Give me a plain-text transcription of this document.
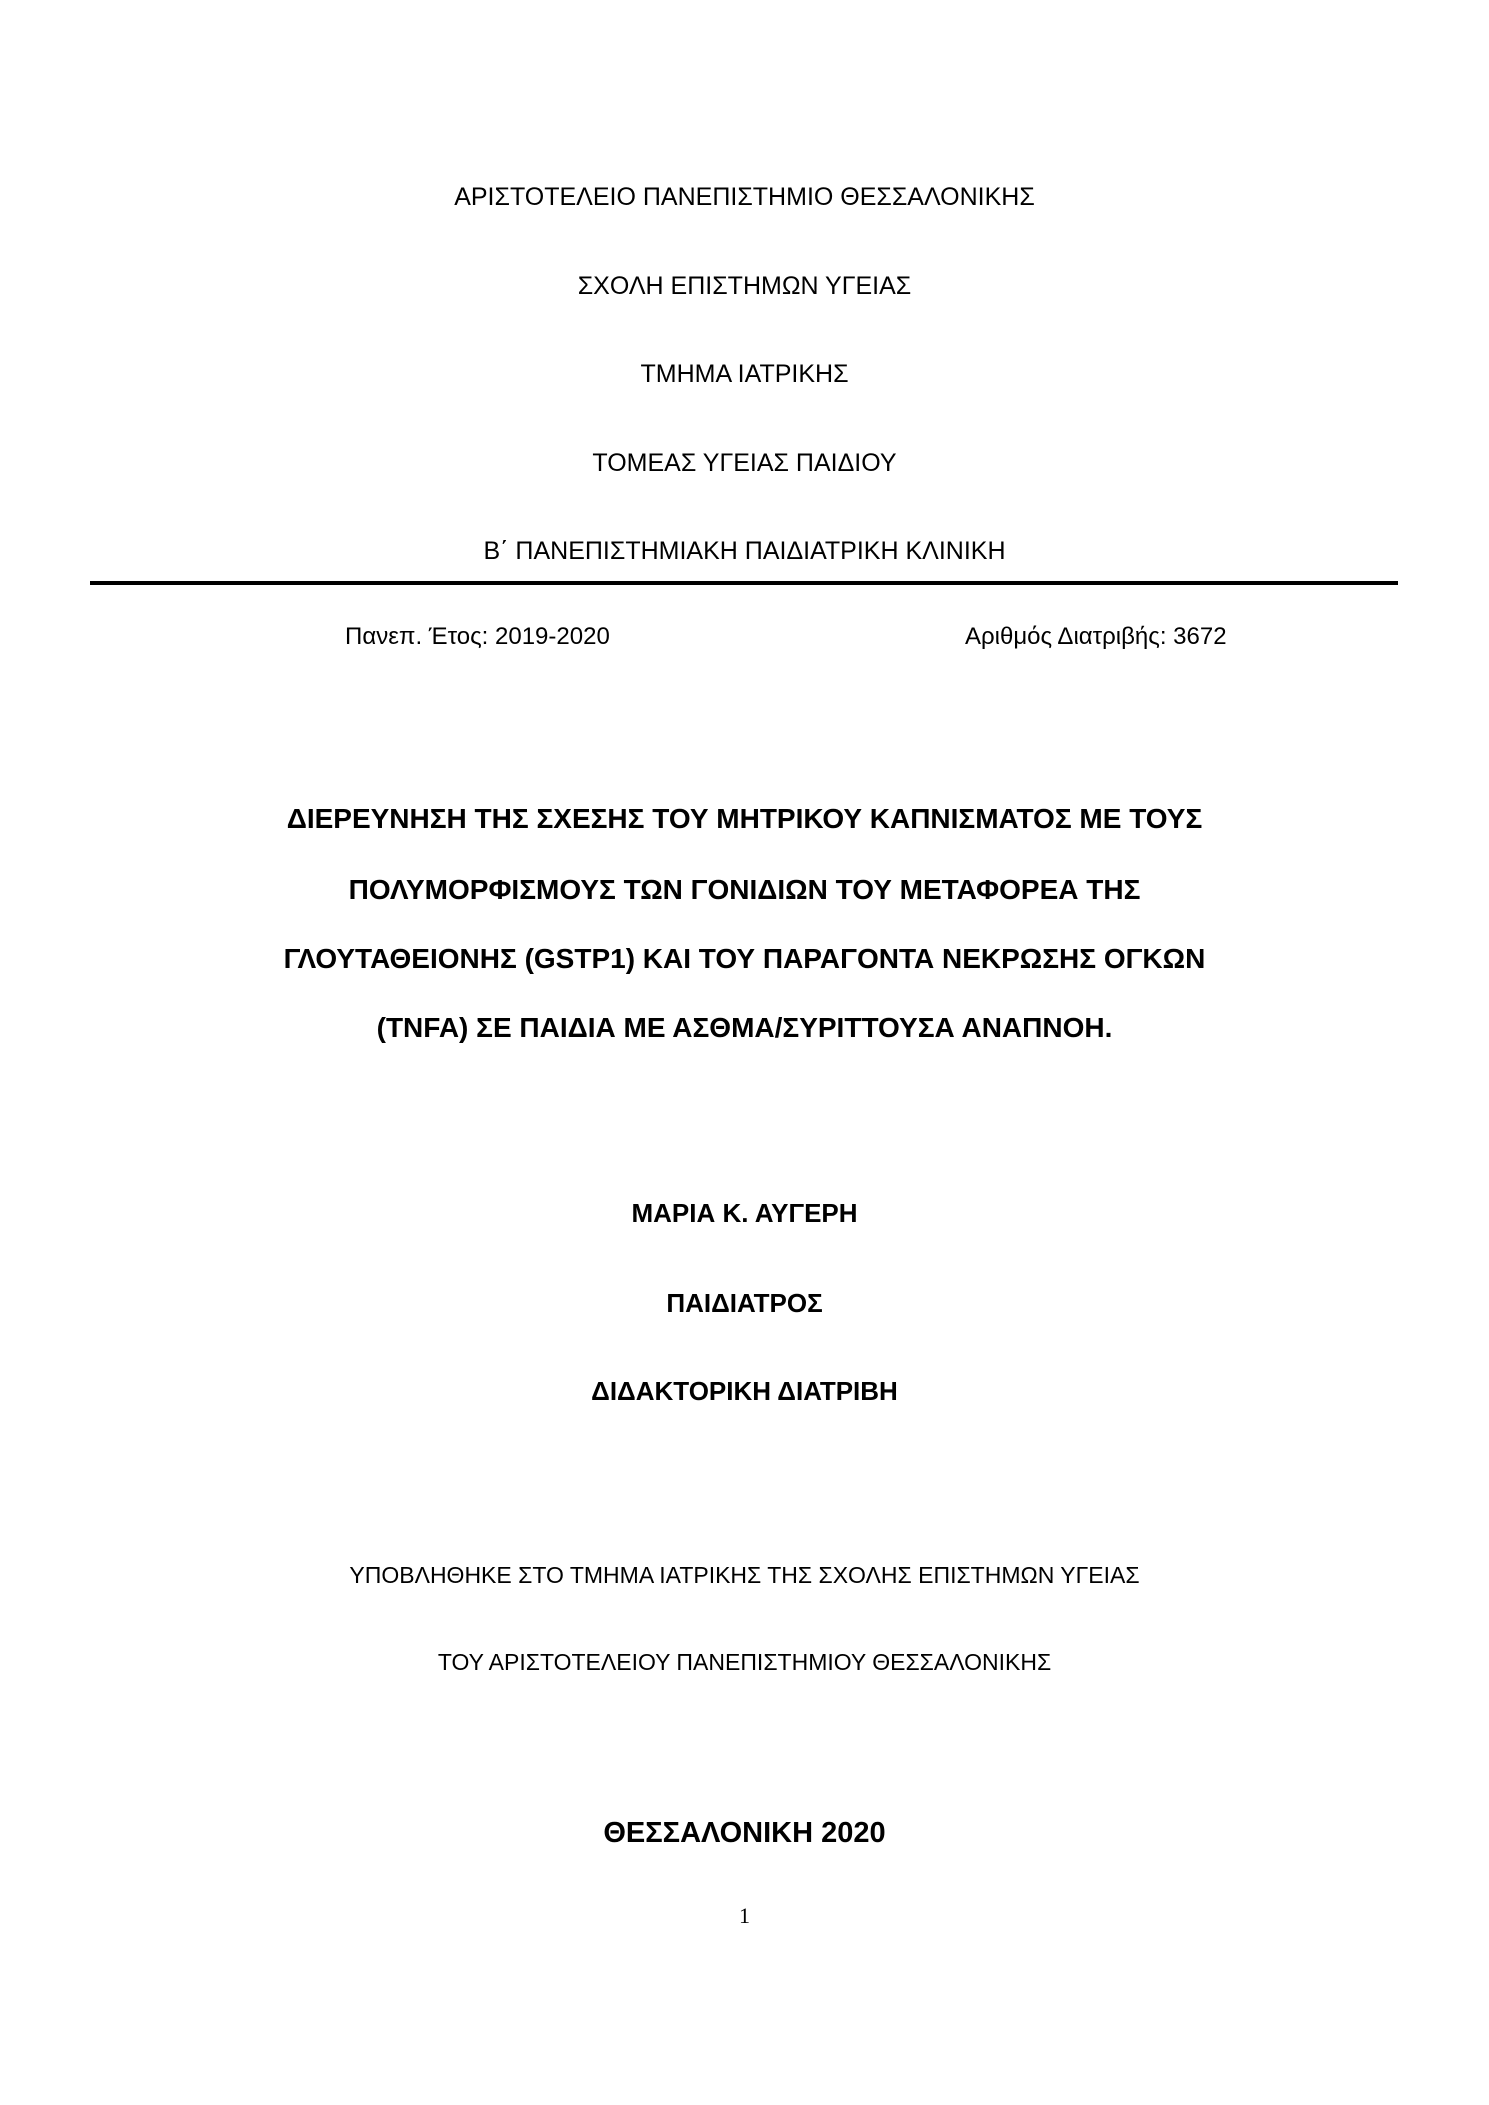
ΑΡΙΣΤΟΤΕΛΕΙΟ ΠΑΝΕΠΙΣΤΗΜΙΟ ΘΕΣΣΑΛΟΝΙΚΗΣ
ΣΧΟΛΗ ΕΠΙΣΤΗΜΩΝ ΥΓΕΙΑΣ
ΤΜΗΜΑ ΙΑΤΡΙΚΗΣ
ΤΟΜΕΑΣ ΥΓΕΙΑΣ ΠΑΙΔΙΟΥ
Β΄ ΠΑΝΕΠΙΣΤΗΜΙΑΚΗ ΠΑΙΔΙΑΤΡΙΚΗ ΚΛΙΝΙΚΗ
Πανεπ. Έτος: 2019-2020	Αριθμός Διατριβής: 3672
ΔΙΕΡΕΥΝΗΣΗ ΤΗΣ ΣΧΕΣΗΣ ΤΟΥ ΜΗΤΡΙΚΟΥ ΚΑΠΝΙΣΜΑΤΟΣ ΜΕ ΤΟΥΣ
ΠΟΛΥΜΟΡΦΙΣΜΟΥΣ ΤΩΝ ΓΟΝΙΔΙΩΝ ΤΟΥ ΜΕΤΑΦΟΡΕΑ ΤΗΣ
ΓΛΟΥΤΑΘΕΙΟΝΗΣ (GSTP1) ΚΑΙ ΤΟΥ ΠΑΡΑΓΟΝΤΑ ΝΕΚΡΩΣΗΣ ΟΓΚΩΝ
(TNFA) ΣΕ ΠΑΙΔΙΑ ΜΕ ΑΣΘΜΑ/ΣΥΡΙΤΤΟΥΣΑ ΑΝΑΠΝΟΗ.
ΜΑΡΙΑ Κ. ΑΥΓΕΡΗ
ΠΑΙΔΙΑΤΡΟΣ
ΔΙΔΑΚΤΟΡΙΚΗ ΔΙΑΤΡΙΒΗ
ΥΠΟΒΛΗΘΗΚΕ ΣΤΟ ΤΜΗΜΑ ΙΑΤΡΙΚΗΣ ΤΗΣ ΣΧΟΛΗΣ ΕΠΙΣΤΗΜΩΝ ΥΓΕΙΑΣ
ΤΟΥ ΑΡΙΣΤΟΤΕΛΕΙΟΥ ΠΑΝΕΠΙΣΤΗΜΙΟΥ ΘΕΣΣΑΛΟΝΙΚΗΣ
ΘΕΣΣΑΛΟΝΙΚΗ 2020
1
